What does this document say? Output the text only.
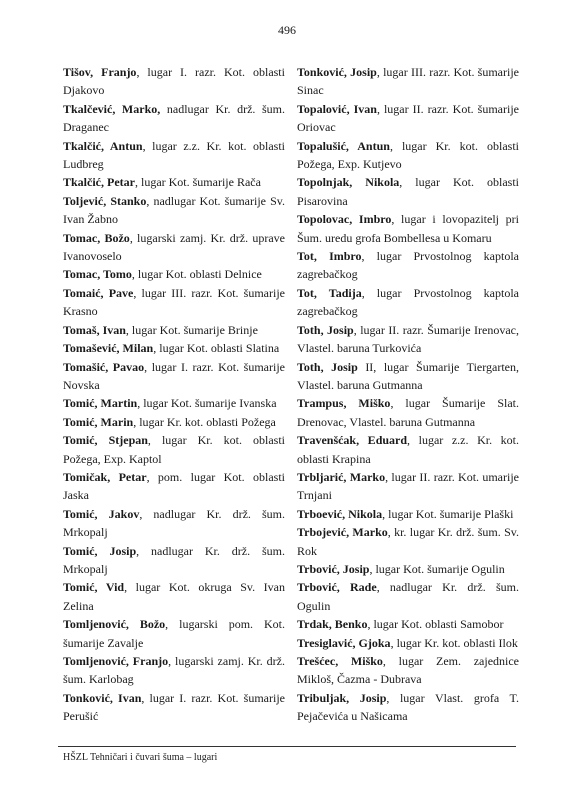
496

Tišov, Franjo, lugar I. razr. Kot. oblasti Djakovo

Tkalčević, Marko, nadlugar Kr. drž. šum. Draganec

Tkalčić, Antun, lugar z.z. Kr. kot. oblasti Ludbreg

Tkalčić, Petar, lugar Kot. šumarije Rača

Toljević, Stanko, nadlugar Kot. šumarije Sv. Ivan Žabno

Tomac, Božo, lugarski zamj. Kr. drž. uprave Ivanovoselo

Tomac, Tomo, lugar Kot. oblasti Delnice

Tomaić, Pave, lugar III. razr. Kot. šumarije Krasno

Tomaš, Ivan, lugar Kot. šumarije Brinje

Tomašević, Milan, lugar Kot. oblasti Slatina

Tomašić, Pavao, lugar I. razr. Kot. šumarije Novska

Tomić, Martin, lugar Kot. šumarije Ivanska

Tomić, Marin, lugar Kr. kot. oblasti Požega

Tomić, Stjepan, lugar Kr. kot. oblasti Požega, Exp. Kaptol

Tomičak, Petar, pom. lugar Kot. oblasti Jaska

Tomić, Jakov, nadlugar Kr. drž. šum. Mrkopalj

Tomić, Josip, nadlugar Kr. drž. šum. Mrkopalj

Tomić, Vid, lugar Kot. okruga Sv. Ivan Zelina

Tomljenović, Božo, lugarski pom. Kot. šumarije Zavalje

Tomljenović, Franjo, lugarski zamj. Kr. drž. šum. Karlobag

Tonković, Ivan, lugar I. razr. Kot. šumarije Perušić

Tonković, Josip, lugar III. razr. Kot. šumarije Sinac

Topalović, Ivan, lugar II. razr. Kot. šumarije Oriovac

Topalušić, Antun, lugar Kr. kot. oblasti Požega, Exp. Kutjevo

Topolnjak, Nikola, lugar Kot. oblasti Pisarovina

Topolovac, Imbro, lugar i lovopazitelj pri Šum. uredu grofa Bombellesa u Komaru

Tot, Imbro, lugar Prvostolnog kaptola zagrebačkog

Tot, Tadija, lugar Prvostolnog kaptola zagrebačkog

Toth, Josip, lugar II. razr. Šumarije Irenovac, Vlastel. baruna Turkovića

Toth, Josip II, lugar Šumarije Tiergarten, Vlastel. baruna Gutmanna

Trampus, Miško, lugar Šumarije Slat. Drenovac, Vlastel. baruna Gutmanna

Travenšćak, Eduard, lugar z.z. Kr. kot. oblasti Krapina

Trbljarić, Marko, lugar II. razr. Kot. umarije Trnjani

Trboević, Nikola, lugar Kot. šumarije Plaški

Trbojević, Marko, kr. lugar Kr. drž. šum. Sv. Rok

Trbović, Josip, lugar Kot. šumarije Ogulin

Trbović, Rade, nadlugar Kr. drž. šum. Ogulin

Trdak, Benko, lugar Kot. oblasti Samobor

Tresiglavić, Gjoka, lugar Kr. kot. oblasti Ilok

Trešćec, Miško, lugar Zem. zajednice Mikloš, Čazma - Dubrava

Tribuljak, Josip, lugar Vlast. grofa T. Pejačevića u Našicama

HŠZL Tehničari i čuvari šuma – lugari
